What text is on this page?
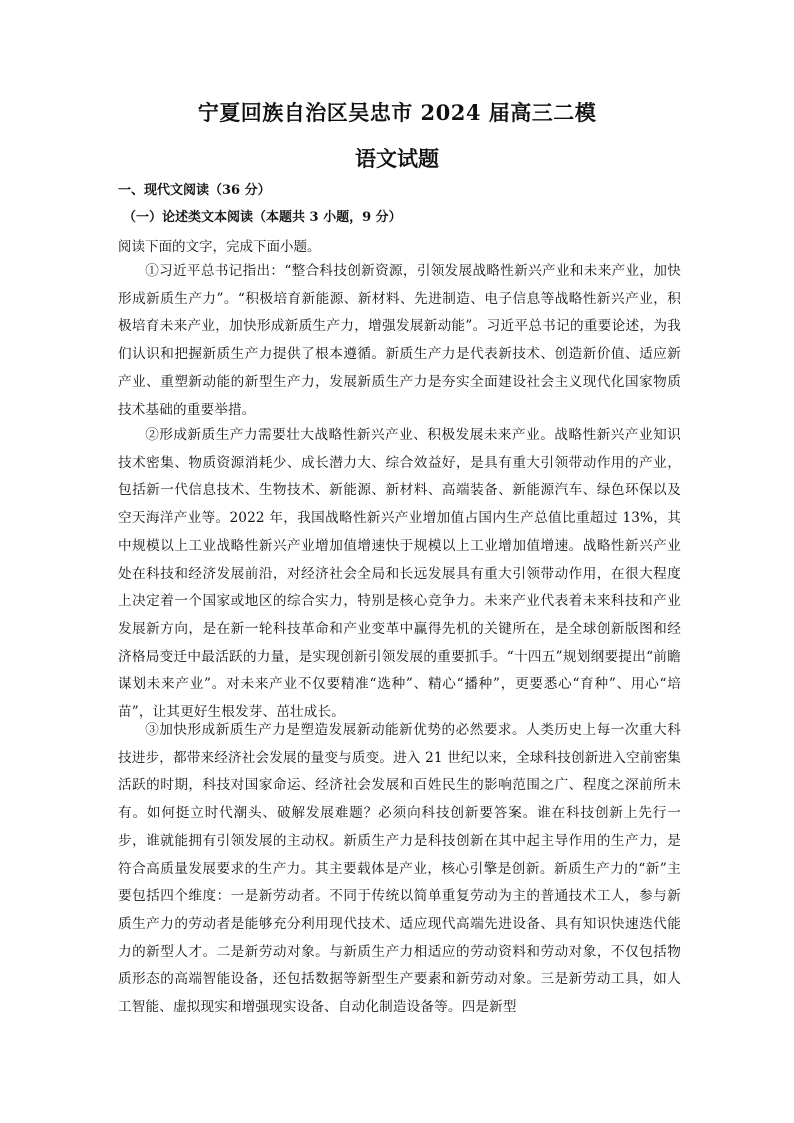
宁夏回族自治区吴忠市 2024 届高三二模
语文试题
一、现代文阅读（36 分）
（一）论述类文本阅读（本题共 3 小题，9 分）
阅读下面的文字，完成下面小题。

①习近平总书记指出：“整合科技创新资源，引领发展战略性新兴产业和未来产业，加快形成新质生产力”。“积极培育新能源、新材料、先进制造、电子信息等战略性新兴产业，积极培育未来产业，加快形成新质生产力，增强发展新动能”。习近平总书记的重要论述，为我们认识和把握新质生产力提供了根本遵循。新质生产力是代表新技术、创造新价值、适应新产业、重塑新动能的新型生产力，发展新质生产力是夯实全面建设社会主义现代化国家物质技术基础的重要举措。

②形成新质生产力需要壮大战略性新兴产业、积极发展未来产业。战略性新兴产业知识技术密集、物质资源消耗少、成长潜力大、综合效益好，是具有重大引领带动作用的产业，包括新一代信息技术、生物技术、新能源、新材料、高端装备、新能源汽车、绿色环保以及空天海洋产业等。2022 年，我国战略性新兴产业增加值占国内生产总值比重超过 13%，其中规模以上工业战略性新兴产业增加值增速快于规模以上工业增加值增速。战略性新兴产业处在科技和经济发展前沿，对经济社会全局和长远发展具有重大引领带动作用，在很大程度上决定着一个国家或地区的综合实力，特别是核心竞争力。未来产业代表着未来科技和产业发展新方向，是在新一轮科技革命和产业变革中赢得先机的关键所在，是全球创新版图和经济格局变迁中最活跃的力量，是实现创新引领发展的重要抓手。“十四五”规划纲要提出“前瞻谋划未来产业”。对未来产业不仅要精准“选种”、精心“播种”，更要悉心“育种”、用心“培苗”，让其更好生根发芽、茁壮成长。

③加快形成新质生产力是塑造发展新动能新优势的必然要求。人类历史上每一次重大科技进步，都带来经济社会发展的量变与质变。进入 21 世纪以来，全球科技创新进入空前密集活跃的时期，科技对国家命运、经济社会发展和百姓民生的影响范围之广、程度之深前所未有。如何挺立时代潮头、破解发展难题？必须向科技创新要答案。谁在科技创新上先行一步，谁就能拥有引领发展的主动权。新质生产力是科技创新在其中起主导作用的生产力，是符合高质量发展要求的生产力。其主要载体是产业，核心引擎是创新。新质生产力的“新”主要包括四个维度：一是新劳动者。不同于传统以简单重复劳动为主的普通技术工人，参与新质生产力的劳动者是能够充分利用现代技术、适应现代高端先进设备、具有知识快速迭代能力的新型人才。二是新劳动对象。与新质生产力相适应的劳动资料和劳动对象，不仅包括物质形态的高端智能设备，还包括数据等新型生产要素和新劳动对象。三是新劳动工具，如人工智能、虚拟现实和增强现实设备、自动化制造设备等。四是新型
